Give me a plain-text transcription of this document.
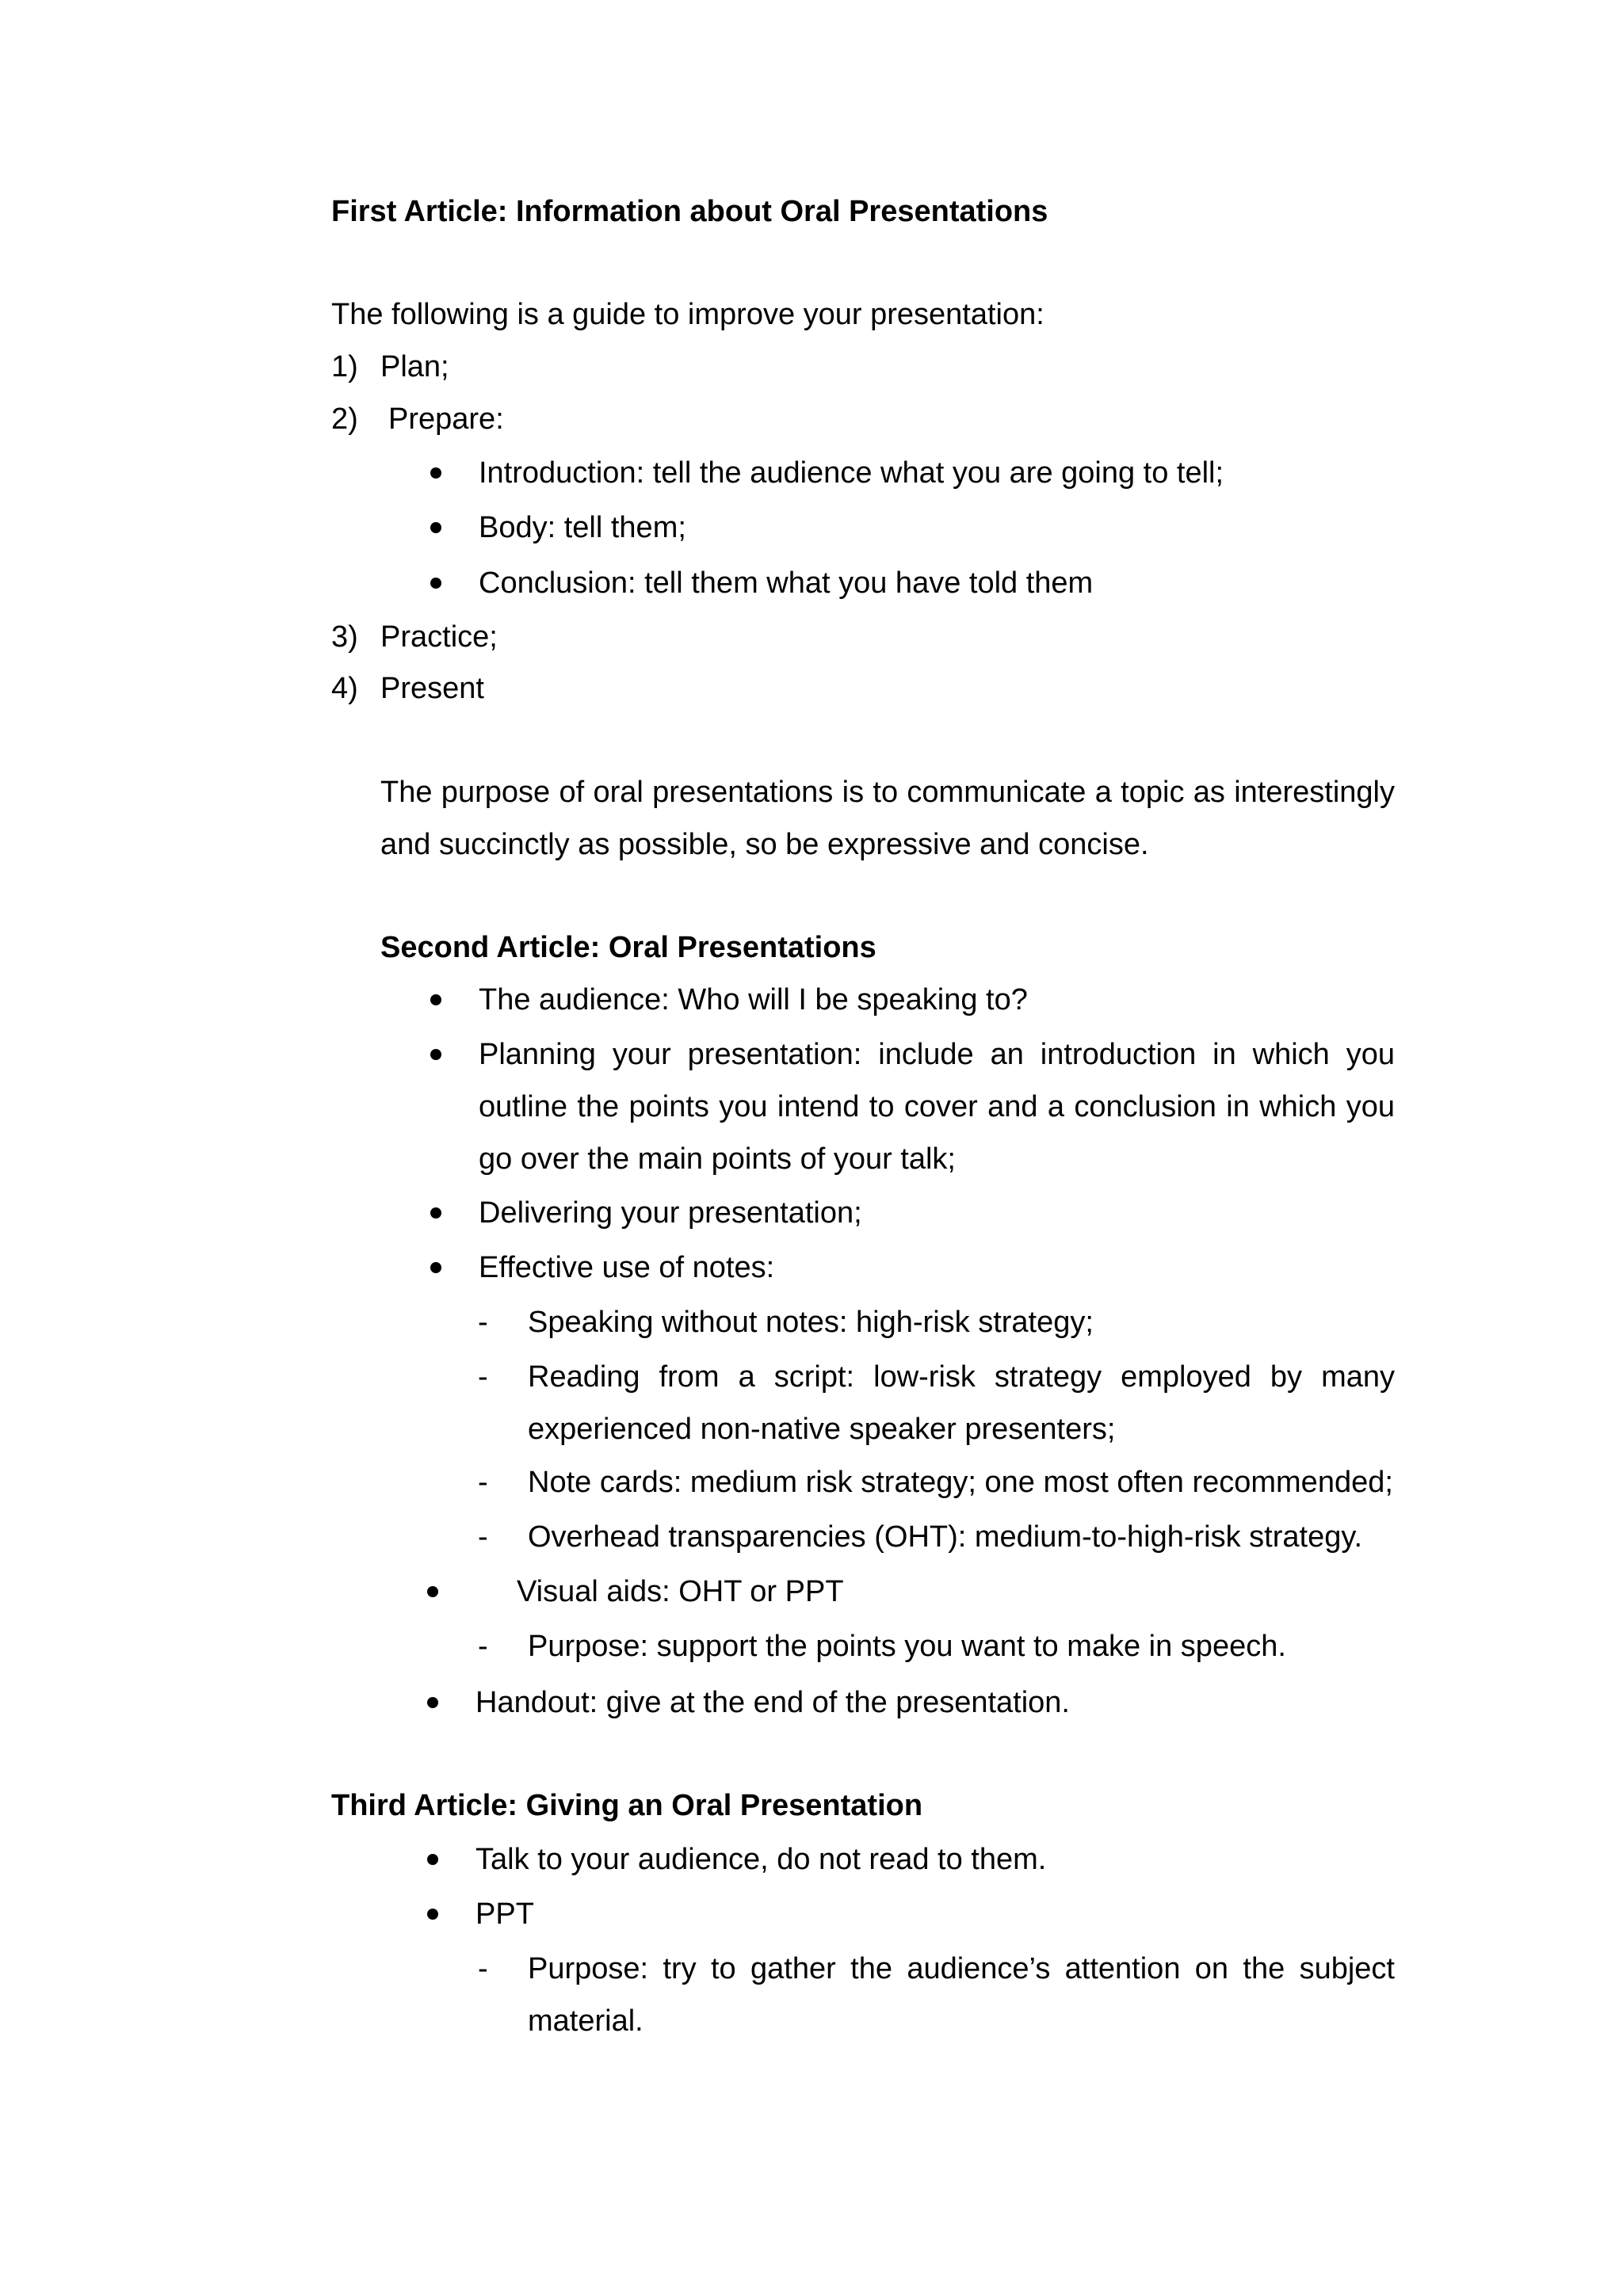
First Article: Information about Oral Presentations
The following is a guide to improve your presentation:
1) Plan;
2) Prepare:
Introduction: tell the audience what you are going to tell;
Body: tell them;
Conclusion: tell them what you have told them
3) Practice;
4) Present
The purpose of oral presentations is to communicate a topic as interestingly
and succinctly as possible, so be expressive and concise.
Second Article: Oral Presentations
The audience: Who will I be speaking to?
Planning your presentation: include an introduction in which you
outline the points you intend to cover and a conclusion in which you
go over the main points of your talk;
Delivering your presentation;
Effective use of notes:
- Speaking without notes: high-risk strategy;
- Reading from a script: low-risk strategy employed by many
experienced non-native speaker presenters;
- Note cards: medium risk strategy; one most often recommended;
- Overhead transparencies (OHT): medium-to-high-risk strategy.
Visual aids: OHT or PPT
- Purpose: support the points you want to make in speech.
Handout: give at the end of the presentation.
Third Article: Giving an Oral Presentation
Talk to your audience, do not read to them.
PPT
- Purpose: try to gather the audience’s attention on the subject
material.
